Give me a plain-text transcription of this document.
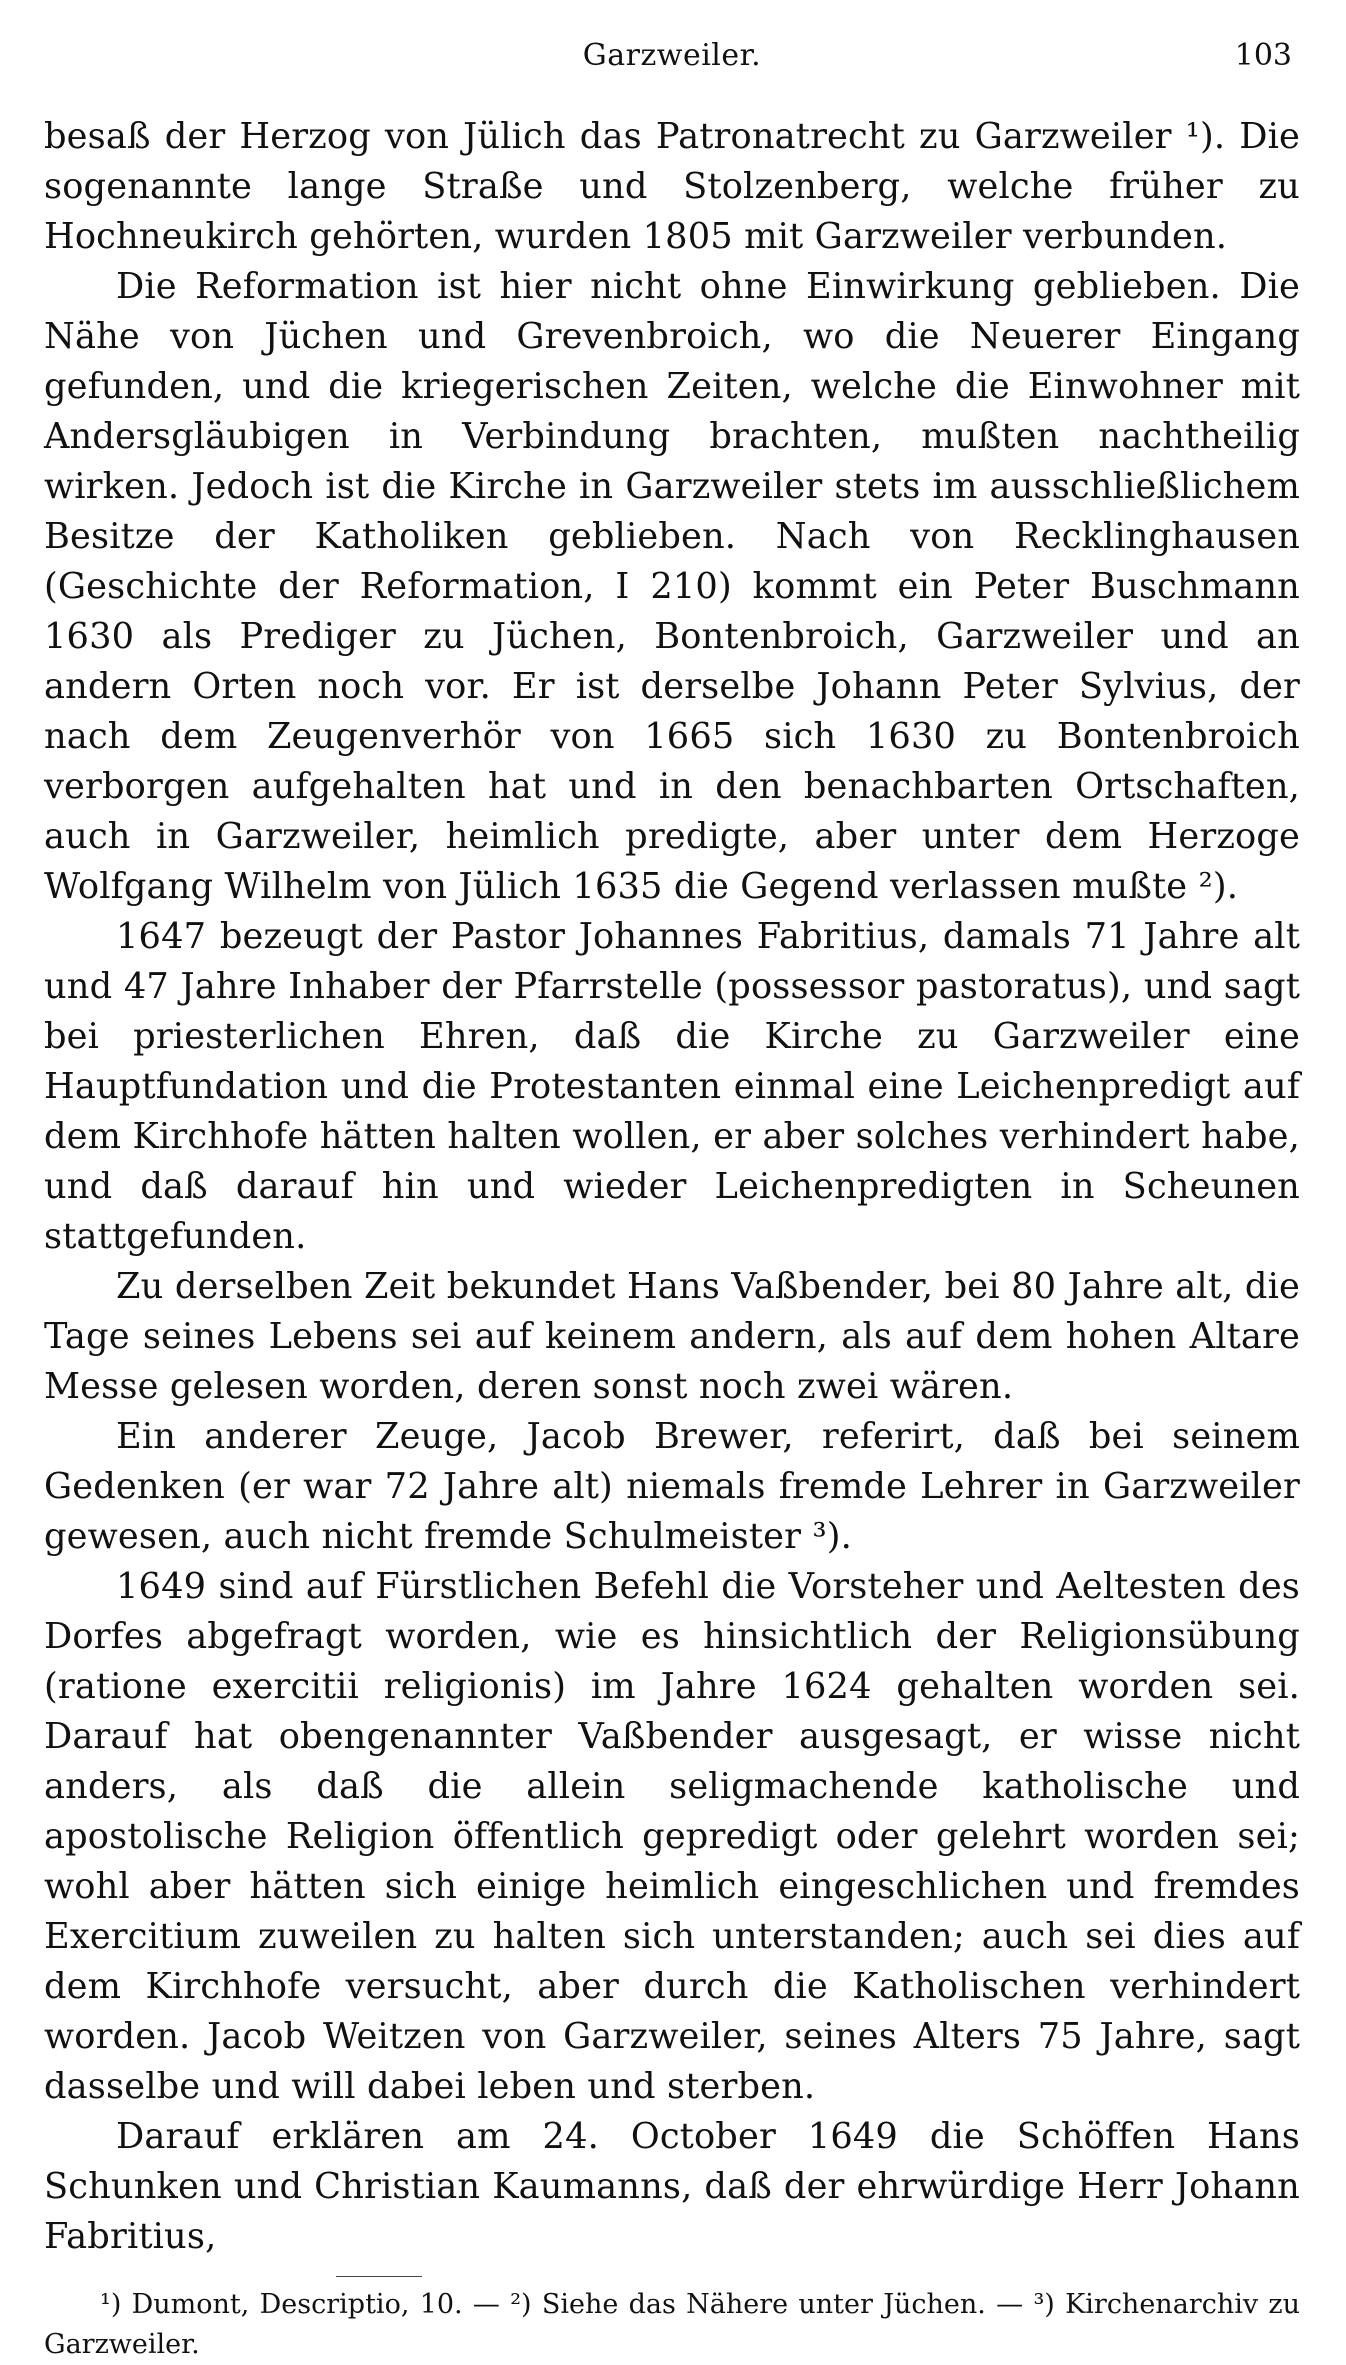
Garzweiler.	103

besaß der Herzog von Jülich das Patronatrecht zu Garzweiler ¹). Die sogenannte lange Straße und Stolzenberg, welche früher zu Hochneukirch gehörten, wurden 1805 mit Garzweiler verbunden.

Die Reformation ist hier nicht ohne Einwirkung geblieben. Die Nähe von Jüchen und Grevenbroich, wo die Neuerer Eingang gefunden, und die kriegerischen Zeiten, welche die Einwohner mit Andersgläubigen in Verbindung brachten, mußten nachtheilig wirken. Jedoch ist die Kirche in Garzweiler stets im ausschließlichem Besitze der Katholiken geblieben. Nach von Recklinghausen (Geschichte der Reformation, I 210) kommt ein Peter Buschmann 1630 als Prediger zu Jüchen, Bontenbroich, Garzweiler und an andern Orten noch vor. Er ist derselbe Johann Peter Sylvius, der nach dem Zeugenverhör von 1665 sich 1630 zu Bontenbroich verborgen aufgehalten hat und in den benachbarten Ortschaften, auch in Garzweiler, heimlich predigte, aber unter dem Herzoge Wolfgang Wilhelm von Jülich 1635 die Gegend verlassen mußte ²).

1647 bezeugt der Pastor Johannes Fabritius, damals 71 Jahre alt und 47 Jahre Inhaber der Pfarrstelle (possessor pastoratus), und sagt bei priesterlichen Ehren, daß die Kirche zu Garzweiler eine Hauptfundation und die Protestanten einmal eine Leichenpredigt auf dem Kirchhofe hätten halten wollen, er aber solches verhindert habe, und daß darauf hin und wieder Leichenpredigten in Scheunen stattgefunden.

Zu derselben Zeit bekundet Hans Vaßbender, bei 80 Jahre alt, die Tage seines Lebens sei auf keinem andern, als auf dem hohen Altare Messe gelesen worden, deren sonst noch zwei wären.

Ein anderer Zeuge, Jacob Brewer, referirt, daß bei seinem Gedenken (er war 72 Jahre alt) niemals fremde Lehrer in Garzweiler gewesen, auch nicht fremde Schulmeister ³).

1649 sind auf Fürstlichen Befehl die Vorsteher und Aeltesten des Dorfes abgefragt worden, wie es hinsichtlich der Religionsübung (ratione exercitii religionis) im Jahre 1624 gehalten worden sei. Darauf hat obengenannter Vaßbender ausgesagt, er wisse nicht anders, als daß die allein seligmachende katholische und apostolische Religion öffentlich gepredigt oder gelehrt worden sei; wohl aber hätten sich einige heimlich eingeschlichen und fremdes Exercitium zuweilen zu halten sich unterstanden; auch sei dies auf dem Kirchhofe versucht, aber durch die Katholischen verhindert worden. Jacob Weitzen von Garzweiler, seines Alters 75 Jahre, sagt dasselbe und will dabei leben und sterben.

Darauf erklären am 24. October 1649 die Schöffen Hans Schunken und Christian Kaumanns, daß der ehrwürdige Herr Johann Fabritius,

¹) Dumont, Descriptio, 10. — ²) Siehe das Nähere unter Jüchen. — ³) Kirchenarchiv zu Garzweiler.
